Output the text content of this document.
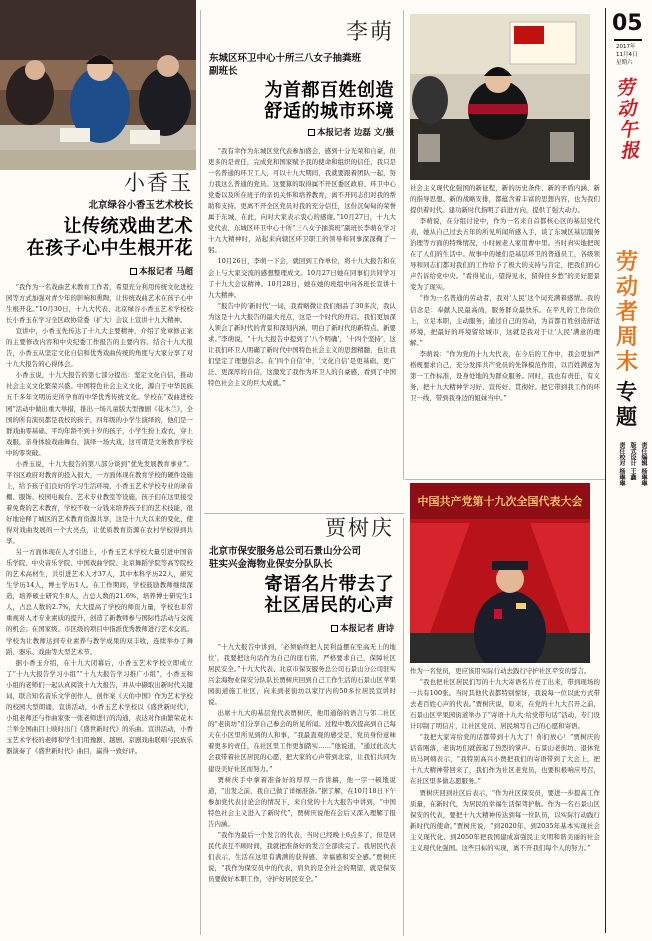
中国共产党第十九次全国代表大会
05
2017年
11月4日
星期六
劳动午报
劳动者周末
专题
责任编辑 杨琳琳
版式设计 王鑫
责任校对 杨琳琳
小香玉
北京绿谷小香玉艺术校长
让传统戏曲艺术
在孩子心中生根开花
本报记者 马超

“我作为一名戏曲艺术教育工作者，希望充分利用传统文化进校园等方式加强对青少年的影响和熏陶，让传统戏曲艺术在孩子心中生根开花。”10月30日，十九大代表、北京绿谷小香玉艺术学校校长小香玉在学习全区政协常委（扩大）会议上宣讲十九大精神。

宣讲中，小香玉先传达了十九大主要精神，介绍了党章修正案的主要修改内容和中央纪委工作报告的主要内容。结合十九大报告，小香玉从坚定文化自信和优秀戏曲传统的角度与大家分享了对十九大报告的心得体会。

小香玉说，十九大报告的第七部分提出：坚定文化自信，推动社会主义文化繁荣兴盛。中国特色社会主义文化，源自于中华民族五千多年文明历史所孕育的中华优秀传统文化。学校在“戏曲进校园”活动中做出重大举措，推出一场儿童版大型豫剧《花木兰》，全国的所有演员都是我校的孩子，四年级的小学生演绎的，他们是一群戏曲零基础、平均年龄不到十岁的孩子，小学生扮上戏衣，穿上戏服，亲身体验戏曲舞台，演绎一场大戏，这可谓是文务教育学校中的零突破。

小香玉说，十九大报告的第八部分谈到“优先发展教育事业”。平谷区政府对教育的投入很大，一方面体现在教育学校的硬件设施上，给予孩子们良好的学习生活环境，小香玉艺术学校专业的录音棚、服饰、校园电视台、艺术专业教室等设施，孩子们在这里接受着免费的艺术教育，学校不收一分钱来培养孩子们的艺术技能，很好地诠释了城区的艺术教育资源共享，这是十九大以来的变化，使得对戏曲发展的一个大亮点，让优质教育资源在农村学校得到共享。

另一方面体现在人才引进上，小香玉艺术学校大量引进中国音乐学院、中央音乐学院、中国戏曲学院、北京舞蹈学院等高等院校的艺术高材生，共引进艺术人才37人，其中本科学历22人，研究生学历14人，博士学历1人。在工作期间，学校鼓励教师继续深造，培养硕士研究生8人，占总人数的21.6%，培养博士研究生1人，占总人数的2.7%，大大提高了学校的师资力量，学校也非常重视对人才专业素质的提升，创造了新教师参与国际性活动与交流的机会；在国家级、市区级的项目中指派优秀教师进行艺术交流。学校为让教师达到专业素养与教学成果的双丰收，连续举办了舞蹈、器乐、戏曲等大型艺术节。

据小香玉介绍，在十九大闭幕后，小香玉艺术学校立即成立了“十九大报告学习小组”“十九大报告学习推广小组”，小香玉和小组的老师们一起认真阅读十九大报告，并从中撷取出新时代关键词，联合知名音乐文学创作人，创作案《天佑中国》作为艺术学校的校园大型朗诵，宣讲活动，小香玉艺术学校以《盛世新时代》，小组老师还与作曲家张一张老师进行的沟通，表达对作曲繁荣花木兰举全国曲目上映时出门《盛世新时代》的乐曲。宣讲活动，小香玉艺术学校的老师和学生们用豫剧、越剧、京剧戏曲联唱与民族乐器演奏了《盛世新时代》曲目，赢得一致好评。

李萌
东城区环卫中心十所三八女子抽粪班
副班长
为首都百姓创造
舒适的城市环境
本报记者 边磊 文/摄

“我有幸作为东城区党代表参加盛会，感到十分光荣和自豪，但更多的是责任，完成党和国家赋予我的使命和组织的信任，我只是一名普通的环卫工人，可以十九大期间，我就要跟着团队一起，努力我这么普通的党员。这要算的取得属不开区委区政府、环卫中心党委以及所在班子的亲切关怀和培养教育，离不开同志们对我的帮助和支持。更离不开全区党员对我的充分信任，这份沉甸甸的荣誉属于东城，在此，向对大家表示衷心的感谢。”10月27日，十九大党代表、东城区环卫中心十所“三八女子抽粪班”副班长李萌在学习十九大精神时，站起来向辖区环卫职工的领导和同事深深鞠了一躬。

10月26日，李萌一下会，就回到工作单位，将十九大报告和在会上与大家交流的感想整理成文。10月27日她在同事们共同学习了十九大会议精神。10月28日，她在她的班组中向各班长宣讲十九大精神。

“报告中的‘新时代’一词，我看略微让我们细品了30多次，我认为这是十九大报告的最大亮点，这是一个时代的开启。我们更加深入领会了新时代的背景和深刻内涵，明白了新时代的新特点、新要求。”李萌说，“十九大报告中提到了‘八个明确’，‘十四个坚持’，这让我们环卫人明确了新时代中国特色社会主义的思想精髓，也让我们坚定了理想信念。在‘四个自信’中，‘文化自信’是更基础、更广泛、更深厚的自信，这激发了我作为环卫人的自豪感，看到了中国特色社会主义的巨大成就。”

社会主义现代化强国的新征程，新的历史条件、新的矛盾内涵、新的指导思想、新的战略安排，都蕴含着丰富的思想内容，也为我们提供着时代。建功新时代指明了前进方向，提供了强大动力。

李萌说，在分组讨论中，作为一名来自首都核心区的基层党代表，她从自己过去五年的所见所闻所感入手，谈了东城区基层服务治理等方面的特殊情况，小时候老人家用曹中里。当时真实地把现在了人们的生活中。故事中的她们是基层环卫的普通员工，各级领导和同志们都对我们的工作给予了极大的支持与肯定，把我们的心声告诉给党中央。“看得见山，望得见水，留得住乡愁”的美好愿景变为了现实。

“作为一名普通的劳动者，我对‘人民’这个词充满着感情。我的信念是：奉献人民最高尚，服务群众最快乐。在平凡的工作岗位上，立足本职，主动服务，通过自己的劳动，为首都百姓创造舒适环境，把最好的环境留给城市，这就是我对于让‘人民’满意的理解。”

李萌说：“作为党的十九大代表，在今后的工作中，我会更加严格规要求自己，充分发挥共产党员的先锋模范作用，以百姓满意为第一工作标准，设身处地的为群众服务。同时，我也有责任，有义务，把十九大精神学习好、宣传好、贯彻好。把它带到我工作的环卫一线，带到我身边的姐妹当中。”

贾树庆
北京市保安服务总公司石景山分公司
驻实兴金海物业保安分队队长
寄语名片带去了
社区居民的心声
本报记者 唐诗

“十九大报告中讲到，‘必须始终把人民利益摆在至高无上的地位’，我要把这句话作为自己的座右铭，严格要求自己，保障社区居民安全。”十九大代表、北京市保安服务总公司石景山分公司驻实兴金海物业保安分队队长贾树庆回到自己工作生活的石景山区苹果园街道施工社区，向来到老街坊以家厅内的50多位居民宣讲时说。

出席十九大的基层党代表贾树庆，他用通俗的语言与邻二社区的“老街坊”们分享自己参会的所见所闻。过程中教次提高到自己每天在小区里所见到的人和事，“我最直观的感受是，党员身份意味着更多的责任，在社区里工作更加踏实……”他说道，“通过此次大会我带着社区居民的心愿，把大家的心声带到北京，让我们共同为建设美好社区而努力。”

贾树庆手中拿着准备好的厚厚一沓讲稿，他一字一顿地说道，“出发之前，我自己做了详细准备。”据了解，在10月18日下午参加党代表讨论会的情况下，来自党的十九大报告中讲到，“中国特色社会主义进入了新时代”，贾树庆说他在会后又深入理解了报告内涵。

“我作为最后一个发言的代表，当时已经晚上6点多了，但是居民代表互不顾时间，我就把准备好的发言全部读完了。我居民代表们表示，生活在这里有满满的获得感、幸福感和安全感。”贾树庆说，“我作为保安员中的代表，肩负的是全社会的期望，就是保安员要做好本职工作，守护好居民安全。”

作为一名党员，更应该用实际行动去践行守护社区平安的誓言。

“我也把社区居民们写的十九大寄语名片亮了出来，带到现场的一共有100张。当时其他代表都特别惊讶，我说每一位以此方式带去老百姓心声的代表。”贾树庆说，原来，在党的十九大召开之前，石景山区苹果园街道举办了“寄语十九大·给党带句话”活动，专门设计印制了明信片，让社区党员、居民填写自己的心愿和寄语。

“我把大家寄给党的话都带到十九大了！你们放心！”贾树庆的话音刚落，老街坊们就鼓起了热烈的掌声。石景山老街坊、退休党员马阿姨表示，“我特别高兴小贾把我们的寄语带到了大会上，把十九大精神带回来了，我们作为社区老党员，也要积极响应号召，在社区里多做志愿服务。”

贾树庆回到社区后表示，“作为社区保安员，要进一步提高工作质量，在新时代，为居民的幸福生活保驾护航。作为一名石景山区保安的代表，要把十九大精神传达到每一位队员，以实际行动践行新时代的使命。”贾树庆说，“到2020年、到2035年基本实现社会主义现代化、到2050年把我国建成富强民主文明和谐美丽的社会主义现代化强国。这些目标的实现，离不开我们每个人的努力。”
